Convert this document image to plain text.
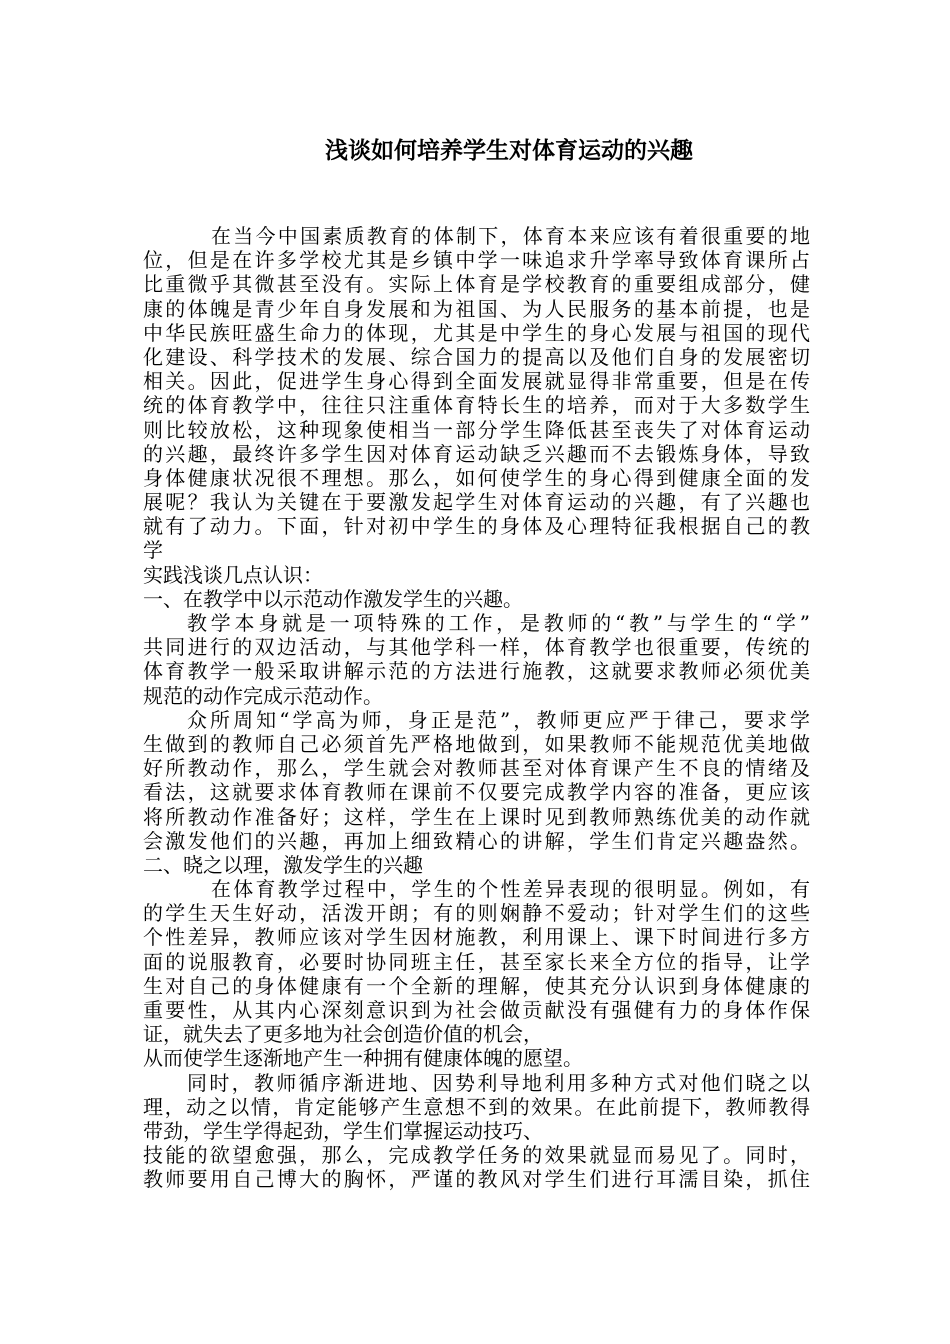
浅谈如何培养学生对体育运动的兴趣
在当今中国素质教育的体制下，体育本来应该有着很重要的地
位，但是在许多学校尤其是乡镇中学一味追求升学率导致体育课所占
比重微乎其微甚至没有。实际上体育是学校教育的重要组成部分，健
康的体魄是青少年自身发展和为祖国、为人民服务的基本前提，也是
中华民族旺盛生命力的体现，尤其是中学生的身心发展与祖国的现代
化建设、科学技术的发展、综合国力的提高以及他们自身的发展密切
相关。因此，促进学生身心得到全面发展就显得非常重要，但是在传
统的体育教学中，往往只注重体育特长生的培养，而对于大多数学生
则比较放松，这种现象使相当一部分学生降低甚至丧失了对体育运动
的兴趣，最终许多学生因对体育运动缺乏兴趣而不去锻炼身体，导致
身体健康状况很不理想。那么，如何使学生的身心得到健康全面的发
展呢？我认为关键在于要激发起学生对体育运动的兴趣，有了兴趣也
就有了动力。下面，针对初中学生的身体及心理特征我根据自己的教
学
实践浅谈几点认识：
一、在教学中以示范动作激发学生的兴趣。
教学本身就是一项特殊的工作，是教师的“教”与学生的“学”
共同进行的双边活动，与其他学科一样，体育教学也很重要，传统的
体育教学一般采取讲解示范的方法进行施教，这就要求教师必须优美
规范的动作完成示范动作。
众所周知“学高为师，身正是范”，教师更应严于律己，要求学
生做到的教师自己必须首先严格地做到，如果教师不能规范优美地做
好所教动作，那么，学生就会对教师甚至对体育课产生不良的情绪及
看法，这就要求体育教师在课前不仅要完成教学内容的准备，更应该
将所教动作准备好；这样，学生在上课时见到教师熟练优美的动作就
会激发他们的兴趣，再加上细致精心的讲解，学生们肯定兴趣盎然。
二、晓之以理，激发学生的兴趣
在体育教学过程中，学生的个性差异表现的很明显。例如，有
的学生天生好动，活泼开朗；有的则娴静不爱动；针对学生们的这些
个性差异，教师应该对学生因材施教，利用课上、课下时间进行多方
面的说服教育，必要时协同班主任，甚至家长来全方位的指导，让学
生对自己的身体健康有一个全新的理解，使其充分认识到身体健康的
重要性，从其内心深刻意识到为社会做贡献没有强健有力的身体作保
证，就失去了更多地为社会创造价值的机会，
从而使学生逐渐地产生一种拥有健康体魄的愿望。
同时，教师循序渐进地、因势利导地利用多种方式对他们晓之以
理，动之以情，肯定能够产生意想不到的效果。在此前提下，教师教得
带劲，学生学得起劲，学生们掌握运动技巧、
技能的欲望愈强，那么，完成教学任务的效果就显而易见了。同时，
教师要用自己博大的胸怀，严谨的教风对学生们进行耳濡目染，抓住
